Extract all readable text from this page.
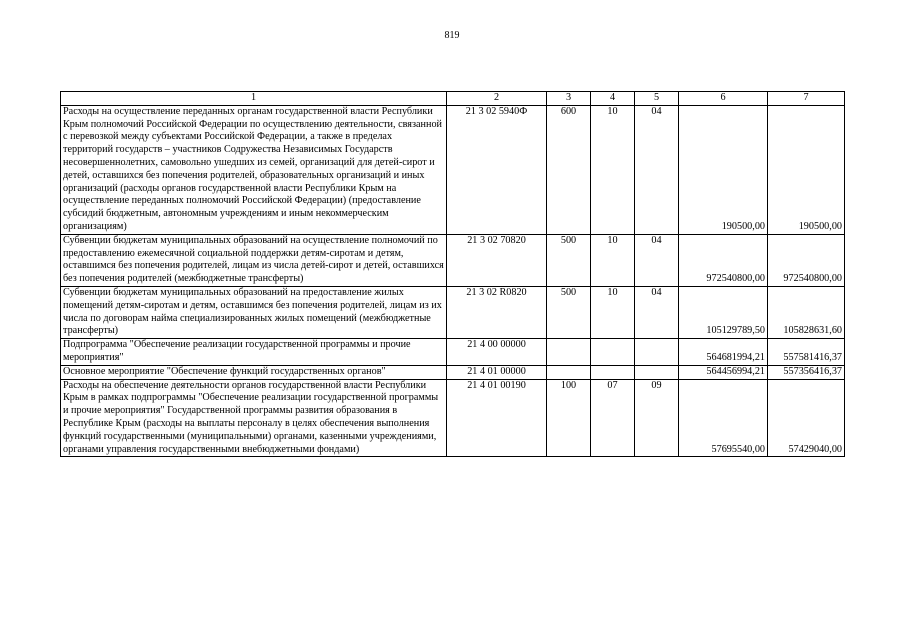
819
1	2	3	4	5	6	7
Расходы на осуществление переданных органам государственной власти Республики Крым полномочий Российской Федерации по осуществлению деятельности, связанной с перевозкой между субъектами Российской Федерации, а также в пределах территорий государств – участников Содружества Независимых Государств несовершеннолетних, самовольно ушедших из семей, организаций для детей-сирот и детей, оставшихся без попечения родителей, образовательных организаций и иных организаций (расходы органов государственной власти Республики Крым на осуществление переданных полномочий Российской Федерации) (предоставление субсидий бюджетным, автономным учреждениям и иным некоммерческим организациям)	21 3 02 5940Ф	600	10	04	190500,00	190500,00
Субвенции бюджетам муниципальных образований на осуществление полномочий по предоставлению ежемесячной социальной поддержки детям-сиротам и детям, оставшимся без попечения родителей, лицам из числа детей-сирот и детей, оставшихся без попечения родителей (межбюджетные трансферты)	21 3 02 70820	500	10	04	972540800,00	972540800,00
Субвенции бюджетам муниципальных образований на предоставление жилых помещений детям-сиротам и детям, оставшимся без попечения родителей, лицам из их числа по договорам найма специализированных жилых помещений (межбюджетные трансферты)	21 3 02 R0820	500	10	04	105129789,50	105828631,60
Подпрограмма "Обеспечение реализации государственной программы и прочие мероприятия"	21 4 00 00000				564681994,21	557581416,37
Основное мероприятие "Обеспечение функций государственных органов"	21 4 01 00000				564456994,21	557356416,37
Расходы на обеспечение деятельности органов государственной власти Республики Крым в рамках подпрограммы "Обеспечение реализации государственной программы и прочие мероприятия" Государственной программы развития образования в Республике Крым (расходы на выплаты персоналу в целях обеспечения выполнения функций государственными (муниципальными) органами, казенными учреждениями, органами управления государственными внебюджетными фондами)	21 4 01 00190	100	07	09	57695540,00	57429040,00
